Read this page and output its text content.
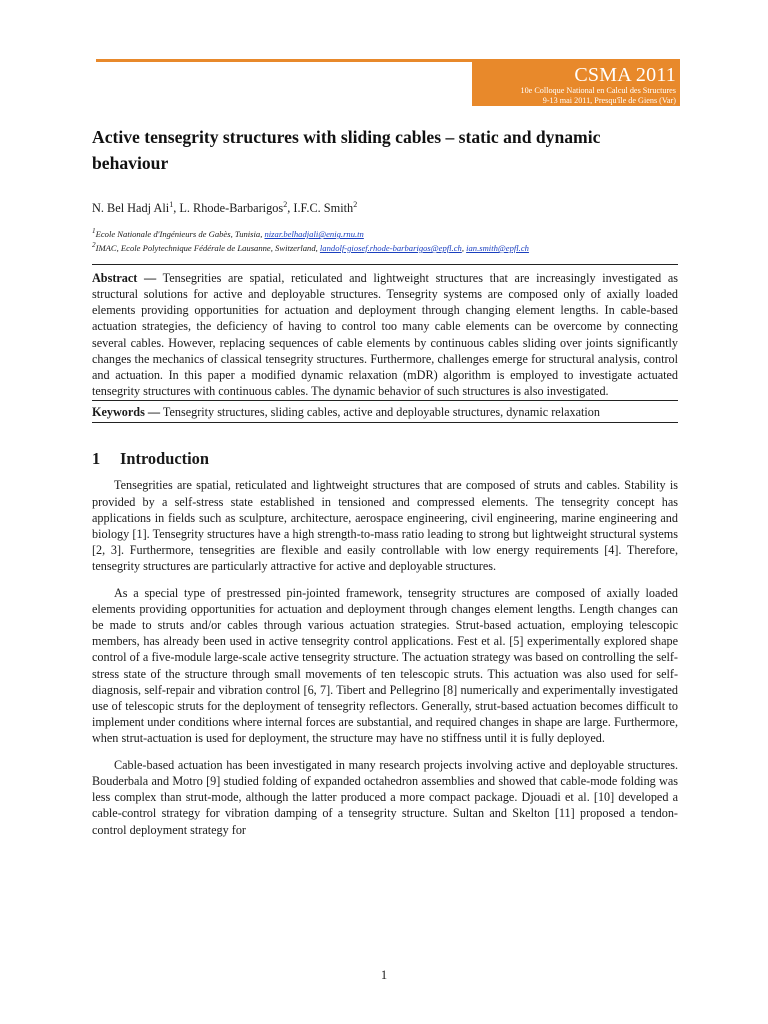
CSMA 2011
10e Colloque National en Calcul des Structures
9-13 mai 2011, Presqu'île de Giens (Var)
Active tensegrity structures with sliding cables – static and dynamic behaviour
N. Bel Hadj Ali$^1$, L. Rhode-Barbarigos$^2$, I.F.C. Smith$^2$
$^1$Ecole Nationale d'Ingénieurs de Gabès, Tunisia, nizar.belhadjali@enig.rnu.tn
$^2$IMAC, Ecole Polytechnique Fédérale de Lausanne, Switzerland, landolf-giosef.rhode-barbarigos@epfl.ch, ian.smith@epfl.ch

Abstract — Tensegrities are spatial, reticulated and lightweight structures that are increasingly investigated as structural solutions for active and deployable structures. Tensegrity systems are composed only of axially loaded elements providing opportunities for actuation and deployment through changing element lengths. In cable-based actuation strategies, the deficiency of having to control too many cable elements can be overcome by connecting several cables. However, replacing sequences of cable elements by continuous cables sliding over joints significantly changes the mechanics of classical tensegrity structures. Furthermore, challenges emerge for structural analysis, control and actuation. In this paper a modified dynamic relaxation (mDR) algorithm is employed to investigate actuated tensegrity structures with continuous cables. The dynamic behavior of such structures is also investigated.

Keywords — Tensegrity structures, sliding cables, active and deployable structures, dynamic relaxation

1 Introduction

Tensegrities are spatial, reticulated and lightweight structures that are composed of struts and cables. Stability is provided by a self-stress state established in tensioned and compressed elements. The tensegrity concept has applications in fields such as sculpture, architecture, aerospace engineering, civil engineering, marine engineering and biology [1]. Tensegrity structures have a high strength-to-mass ratio leading to strong but lightweight structural systems [2, 3]. Furthermore, tensegrities are flexible and easily controllable with low energy requirements [4]. Therefore, tensegrity structures are particularly attractive for active and deployable structures.

As a special type of prestressed pin-jointed framework, tensegrity structures are composed of axially loaded elements providing opportunities for actuation and deployment through changes element lengths. Length changes can be made to struts and/or cables through various actuation strategies. Strut-based actuation, employing telescopic members, has already been used in active tensegrity control applications. Fest et al. [5] experimentally explored shape control of a five-module large-scale active tensegrity structure. The actuation strategy was based on controlling the self-stress state of the structure through small movements of ten telescopic struts. This actuation was also used for self-diagnosis, self-repair and vibration control [6, 7]. Tibert and Pellegrino [8] numerically and experimentally investigated use of telescopic struts for the deployment of tensegrity reflectors. Generally, strut-based actuation becomes difficult to implement under conditions where internal forces are substantial, and required changes in shape are large. Furthermore, when strut-actuation is used for deployment, the structure may have no stiffness until it is fully deployed.

Cable-based actuation has been investigated in many research projects involving active and deployable structures. Bouderbala and Motro [9] studied folding of expanded octahedron assemblies and showed that cable-mode folding was less complex than strut-mode, although the latter produced a more compact package. Djouadi et al. [10] developed a cable-control strategy for vibration damping of a tensegrity structure. Sultan and Skelton [11] proposed a tendon-control deployment strategy for

1
